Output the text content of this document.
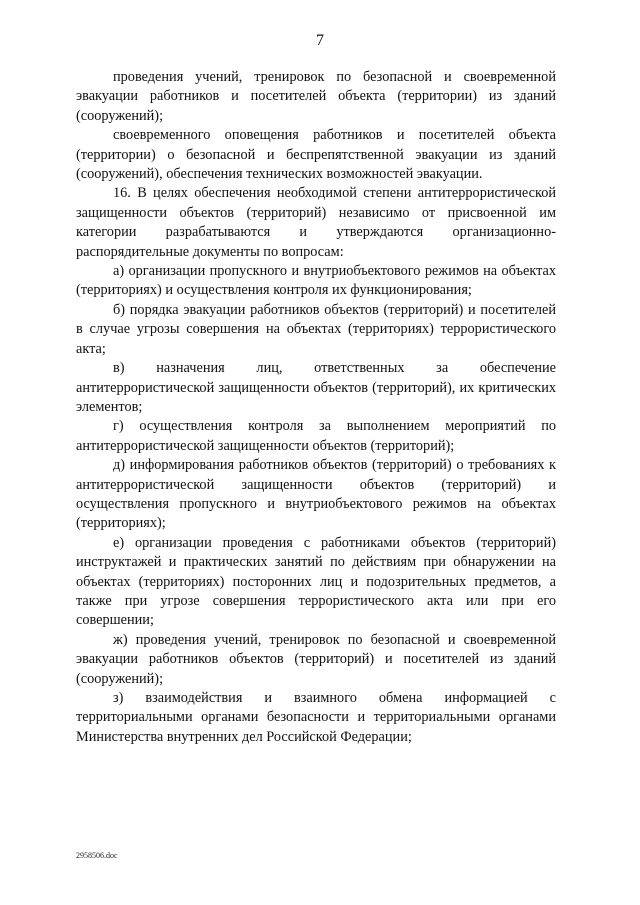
7

проведения учений, тренировок по безопасной и своевременной эвакуации работников и посетителей объекта (территории) из зданий (сооружений);

своевременного оповещения работников и посетителей объекта (территории) о безопасной и беспрепятственной эвакуации из зданий (сооружений), обеспечения технических возможностей эвакуации.

16. В целях обеспечения необходимой степени антитеррористической защищенности объектов (территорий) независимо от присвоенной им категории разрабатываются и утверждаются организационно-распорядительные документы по вопросам:

а) организации пропускного и внутриобъектового режимов на объектах (территориях) и осуществления контроля их функционирования;

б) порядка эвакуации работников объектов (территорий) и посетителей в случае угрозы совершения на объектах (территориях) террористического акта;

в) назначения лиц, ответственных за обеспечение антитеррористической защищенности объектов (территорий), их критических элементов;

г) осуществления контроля за выполнением мероприятий по антитеррористической защищенности объектов (территорий);

д) информирования работников объектов (территорий) о требованиях к антитеррористической защищенности объектов (территорий) и осуществления пропускного и внутриобъектового режимов на объектах (территориях);

е) организации проведения с работниками объектов (территорий) инструктажей и практических занятий по действиям при обнаружении на объектах (территориях) посторонних лиц и подозрительных предметов, а также при угрозе совершения террористического акта или при его совершении;

ж) проведения учений, тренировок по безопасной и своевременной эвакуации работников объектов (территорий) и посетителей из зданий (сооружений);

з) взаимодействия и взаимного обмена информацией с территориальными органами безопасности и территориальными органами Министерства внутренних дел Российской Федерации;

2958506.doc
